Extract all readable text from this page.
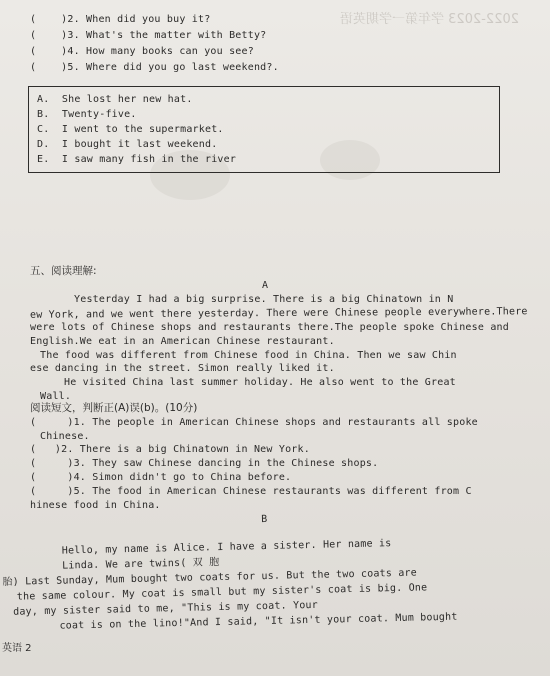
2022-2023 学年第一学期英语
( )2. When did you buy it?
( )3. What's the matter with Betty?
( )4. How many books can you see?
( )5. Where did you go last weekend?.
A. She lost her new hat.
B. Twenty-five.
C. I went to the supermarket.
D. I bought it last weekend.
E. I saw many fish in the river
五、阅读理解:
A
Yesterday I had a big surprise. There is a big Chinatown in N
ew York, and we went there yesterday. There were Chinese people everywhere.There
were lots of Chinese shops and restaurants there.The people spoke Chinese and
English.We eat in an American Chinese restaurant.
The food was different from Chinese food in China. Then we saw Chin
ese dancing in the street. Simon really liked it.
He visited China last summer holiday. He also went to the Great
Wall.
阅读短文，判断正(A)误(b)。(10分)
(	)1. The people in American Chinese shops and restaurants all spoke
Chinese.
( )2. There is a big Chinatown in New York.
(	)3. They saw Chinese dancing in the Chinese shops.
(	)4. Simon didn't go to China before.
(	)5. The food in American Chinese restaurants was different from C
hinese food in China.
B
Hello, my name is Alice. I have a sister. Her name is
Linda. We are twins( 双 胞
胎) Last Sunday, Mum bought two coats for us. But the two coats are
the same colour. My coat is small but my sister's coat is big. One
day, my sister said to me, "This is my coat. Your
coat is on the lino!"And I said, "It isn't your coat. Mum bought
英语 2
